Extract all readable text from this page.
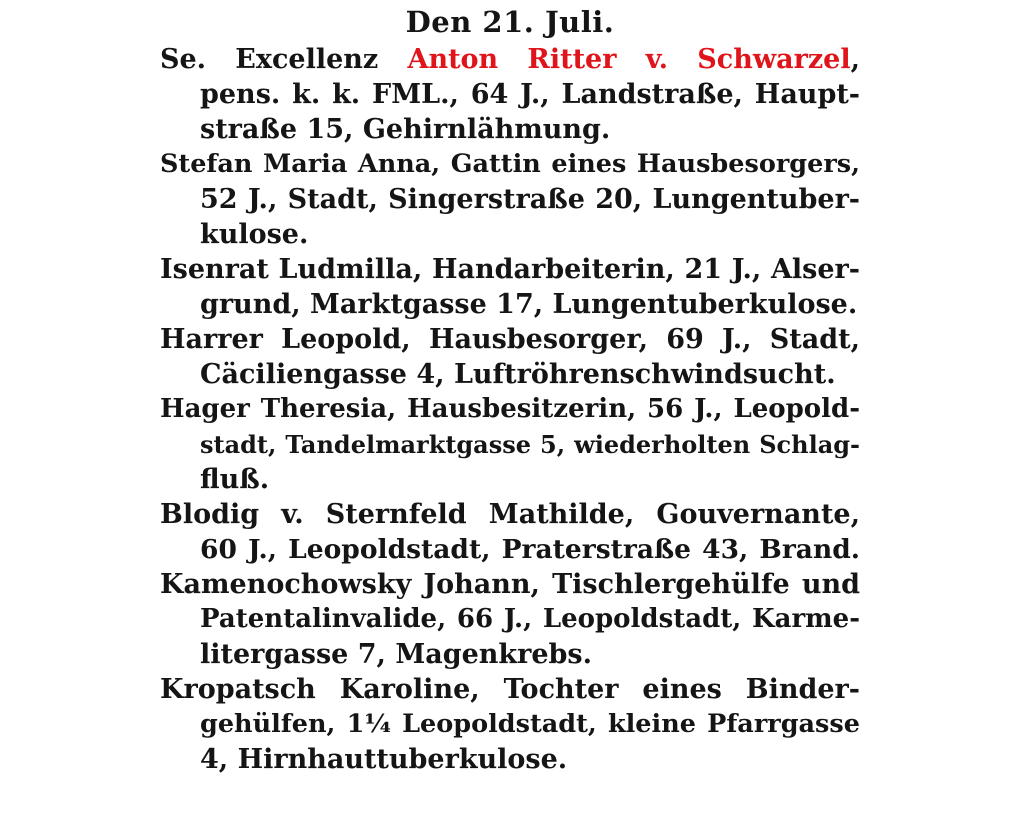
Den 21. Juli.

Se. Excellenz Anton Ritter v. Schwarzel,
pens. k. k. FML., 64 J., Landstraße, Haupt-
straße 15, Gehirnlähmung.

Stefan Maria Anna, Gattin eines Hausbesorgers,
52 J., Stadt, Singerstraße 20, Lungentuber-
kulose.

Isenrat Ludmilla, Handarbeiterin, 21 J., Alser-
grund, Marktgasse 17, Lungentuberkulose.

Harrer Leopold, Hausbesorger, 69 J., Stadt,
Cäciliengasse 4, Luftröhrenschwindsucht.

Hager Theresia, Hausbesitzerin, 56 J., Leopold-
stadt, Tandelmarktgasse 5, wiederholten Schlag-
fluß.

Blodig v. Sternfeld Mathilde, Gouvernante,
60 J., Leopoldstadt, Praterstraße 43, Brand.

Kamenochowsky Johann, Tischlergehülfe und
Patentalinvalide, 66 J., Leopoldstadt, Karme-
litergasse 7, Magenkrebs.

Kropatsch Karoline, Tochter eines Binder-
gehülfen, 1¼ Leopoldstadt, kleine Pfarrgasse
4, Hirnhauttuberkulose.
